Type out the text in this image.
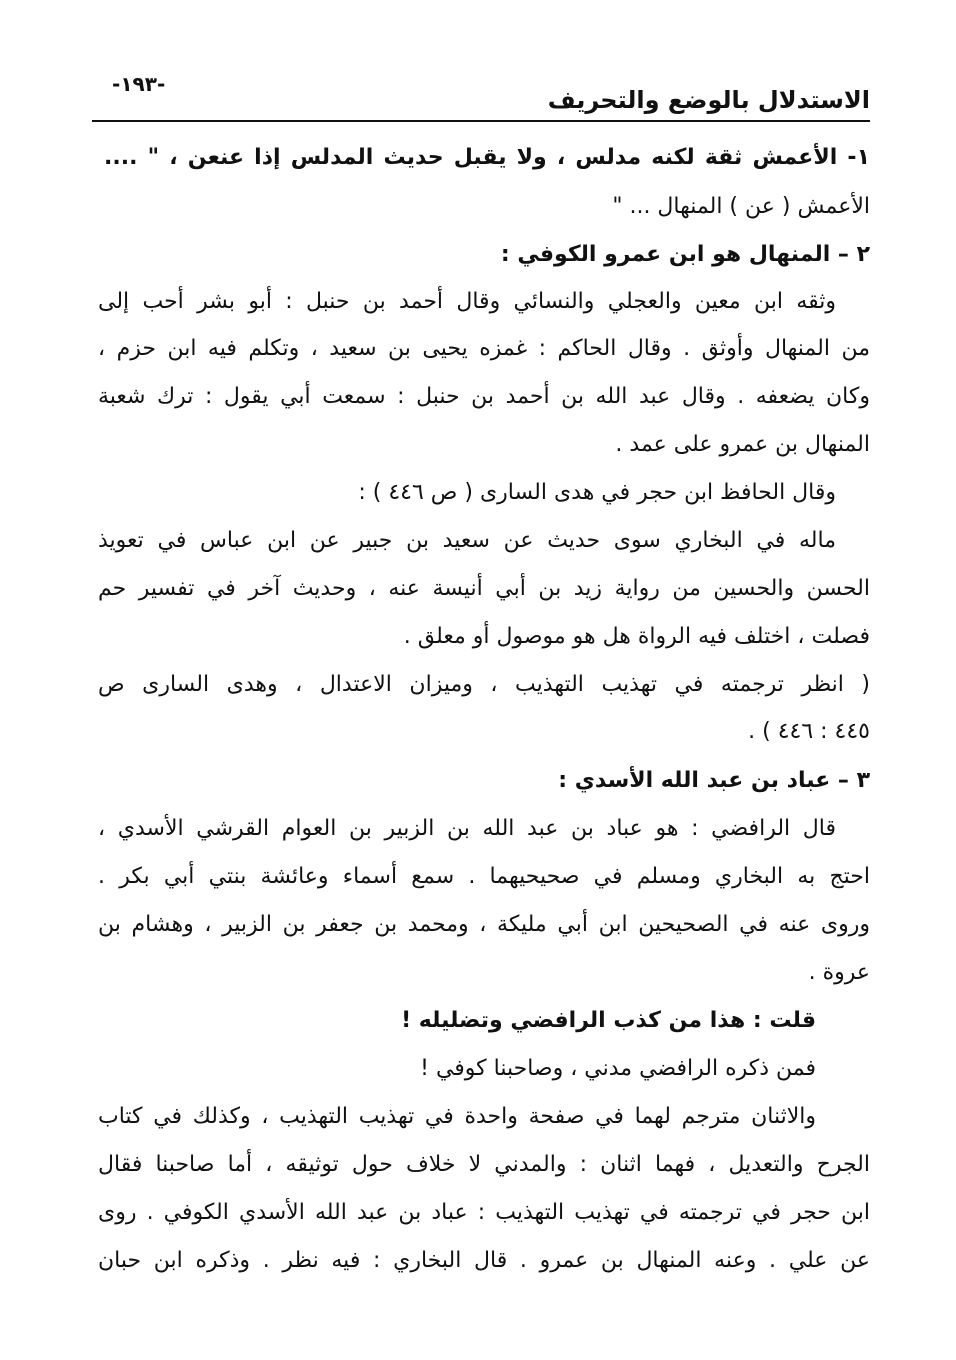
-١٩٣-
الاستدلال بالوضع والتحريف
١- الأعمش ثقة لكنه مدلس ، ولا يقبل حديث المدلس إذا عنعن ، " ....
الأعمش ( عن ) المنهال ... "
٢ – المنهال هو ابن عمرو الكوفي :
وثقه ابن معين والعجلي والنسائي وقال أحمد بن حنبل : أبو بشر أحب إلى
من المنهال وأوثق . وقال الحاكم : غمزه يحيى بن سعيد ، وتكلم فيه ابن حزم ،
وكان يضعفه . وقال عبد الله بن أحمد بن حنبل : سمعت أبي يقول : ترك شعبة
المنهال بن عمرو على عمد .
وقال الحافظ ابن حجر في هدى السارى ( ص ٤٤٦ ) :
ماله في البخاري سوى حديث عن سعيد بن جبير عن ابن عباس في تعويذ
الحسن والحسين من رواية زيد بن أبي أنيسة عنه ، وحديث آخر في تفسير حم
فصلت ، اختلف فيه الرواة هل هو موصول أو معلق .
( انظر ترجمته في تهذيب التهذيب ، وميزان الاعتدال ، وهدى السارى ص
٤٤٥ : ٤٤٦ ) .
٣ – عباد بن عبد الله الأسدي :
قال الرافضي : هو عباد بن عبد الله بن الزبير بن العوام القرشي الأسدي ،
احتج به البخاري ومسلم في صحيحيهما . سمع أسماء وعائشة بنتي أبي بكر .
وروى عنه في الصحيحين ابن أبي مليكة ، ومحمد بن جعفر بن الزبير ، وهشام بن
عروة .
قلت : هذا من كذب الرافضي وتضليله !
فمن ذكره الرافضي مدني ، وصاحبنا كوفي !
والاثنان مترجم لهما في صفحة واحدة في تهذيب التهذيب ، وكذلك في كتاب
الجرح والتعديل ، فهما اثنان : والمدني لا خلاف حول توثيقه ، أما صاحبنا فقال
ابن حجر في ترجمته في تهذيب التهذيب : عباد بن عبد الله الأسدي الكوفي . روى
عن علي . وعنه المنهال بن عمرو . قال البخاري : فيه نظر . وذكره ابن حبان
